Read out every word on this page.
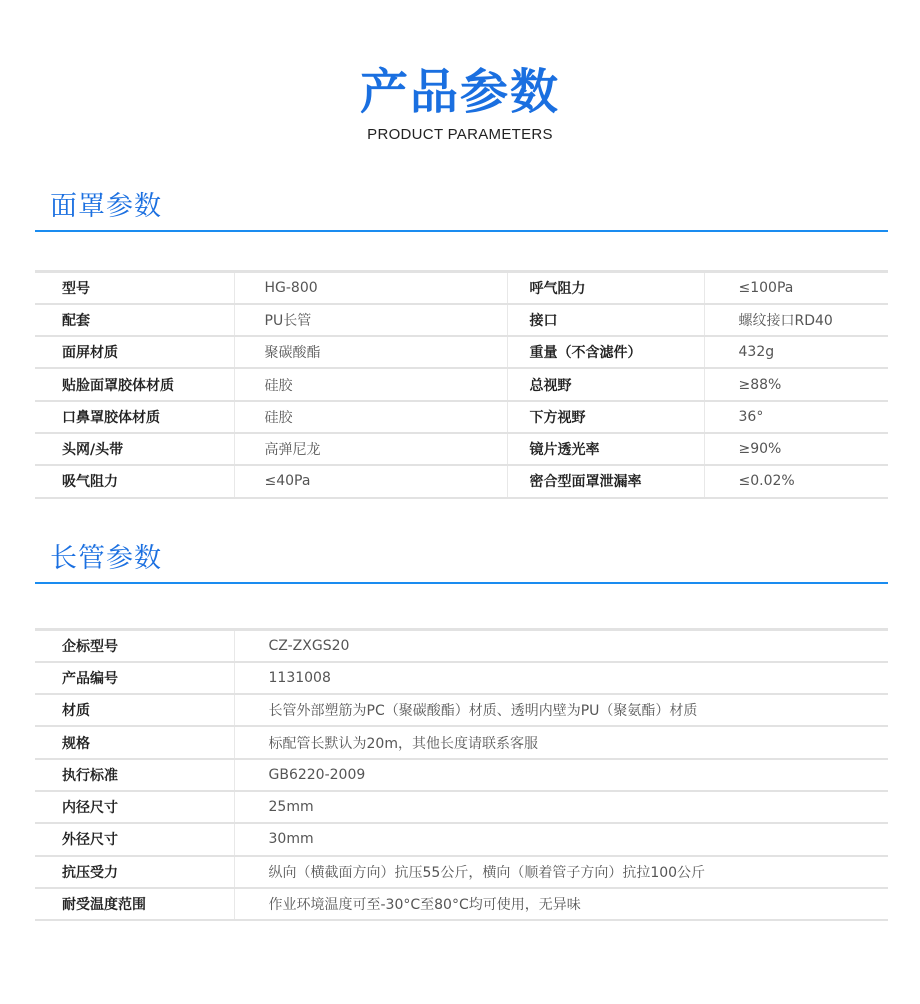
产品参数
PRODUCT PARAMETERS
面罩参数
型号	HG-800	呼气阻力	≤100Pa
配套	PU长管	接口	螺纹接口RD40
面屏材质	聚碳酸酯	重量（不含滤件）	432g
贴脸面罩胶体材质	硅胶	总视野	≥88%
口鼻罩胶体材质	硅胶	下方视野	36°
头网/头带	高弹尼龙	镜片透光率	≥90%
吸气阻力	≤40Pa	密合型面罩泄漏率	≤0.02%
长管参数
企标型号	CZ-ZXGS20
产品编号	1131008
材质	长管外部塑筋为PC（聚碳酸酯）材质、透明内壁为PU（聚氨酯）材质
规格	标配管长默认为20m，其他长度请联系客服
执行标准	GB6220-2009
内径尺寸	25mm
外径尺寸	30mm
抗压受力	纵向（横截面方向）抗压55公斤，横向（顺着管子方向）抗拉100公斤
耐受温度范围	作业环境温度可至-30°C至80°C均可使用，无异味
